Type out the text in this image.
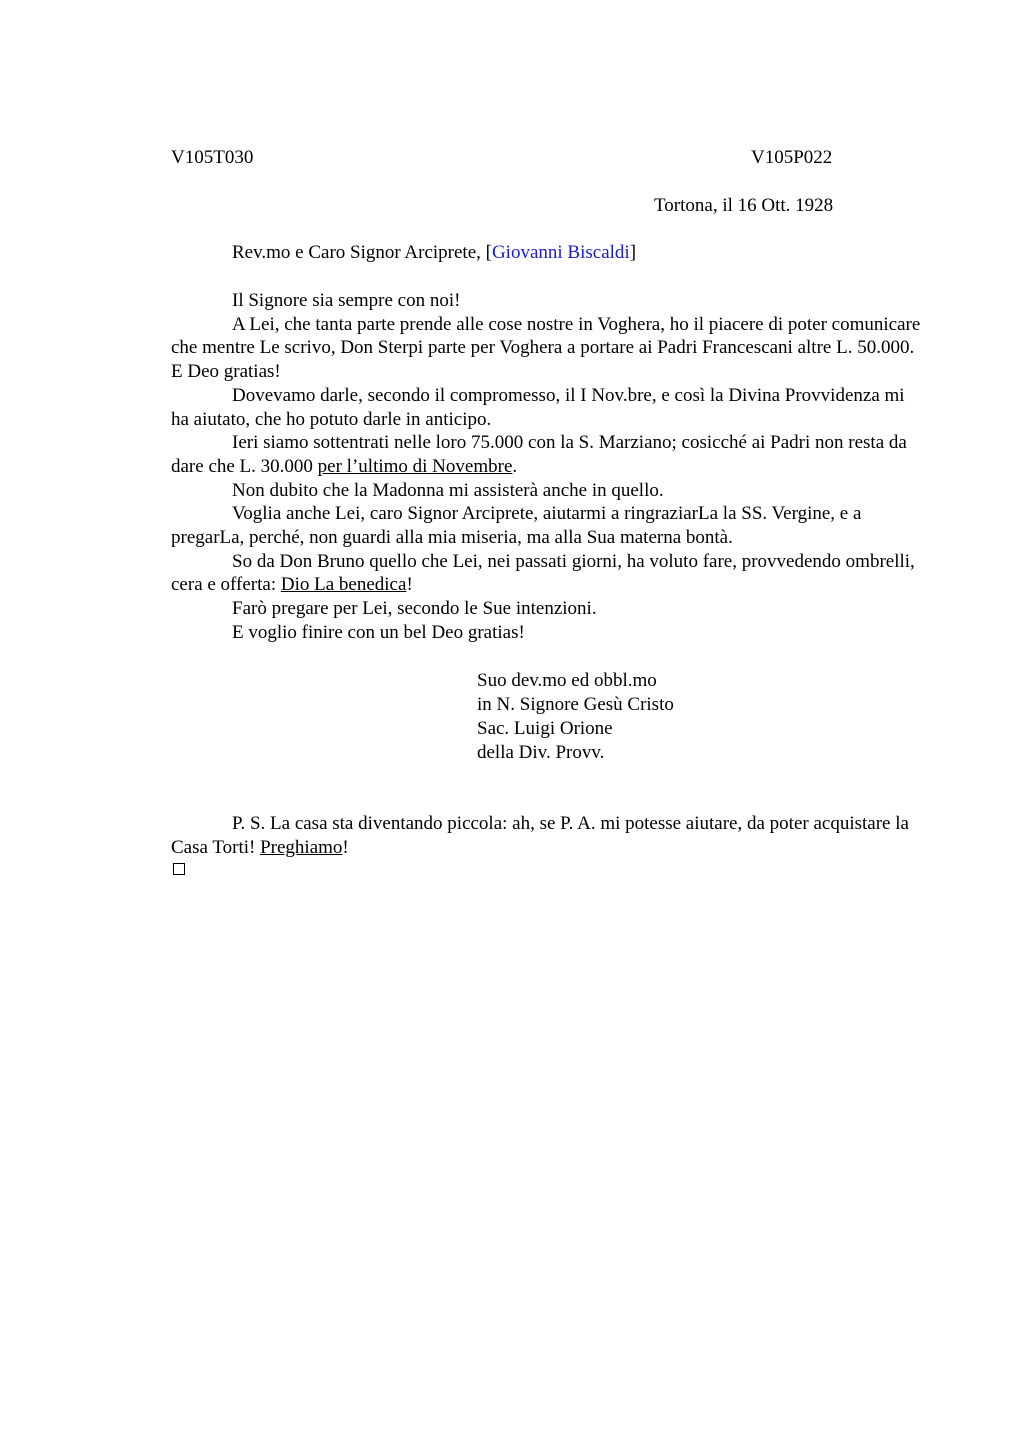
V105T030	V105P022
Tortona, il 16 Ott. 1928
Rev.mo e Caro Signor Arciprete, [Giovanni Biscaldi]

Il Signore sia sempre con noi!

A Lei, che tanta parte prende alle cose nostre in Voghera, ho il piacere di poter comunicare che mentre Le scrivo, Don Sterpi parte per Voghera a portare ai Padri Francescani altre L. 50.000. E Deo gratias!

Dovevamo darle, secondo il compromesso, il I Nov.bre, e così la Divina Provvidenza mi ha aiutato, che ho potuto darle in anticipo.

Ieri siamo sottentrati nelle loro 75.000 con la S. Marziano; cosicché ai Padri non resta da dare che L. 30.000 per l’ultimo di Novembre.

Non dubito che la Madonna mi assisterà anche in quello.

Voglia anche Lei, caro Signor Arciprete, aiutarmi a ringraziarLa la SS. Vergine, e a pregarLa, perché, non guardi alla mia miseria, ma alla Sua materna bontà.

So da Don Bruno quello che Lei, nei passati giorni, ha voluto fare, provvedendo ombrelli, cera e offerta: Dio La benedica!

Farò pregare per Lei, secondo le Sue intenzioni.

E voglio finire con un bel Deo gratias!

Suo dev.mo ed obbl.mo
in N. Signore Gesù Cristo
Sac. Luigi Orione
della Div. Provv.

P. S. La casa sta diventando piccola: ah, se P. A. mi potesse aiutare, da poter acquistare la Casa Torti! Preghiamo!
